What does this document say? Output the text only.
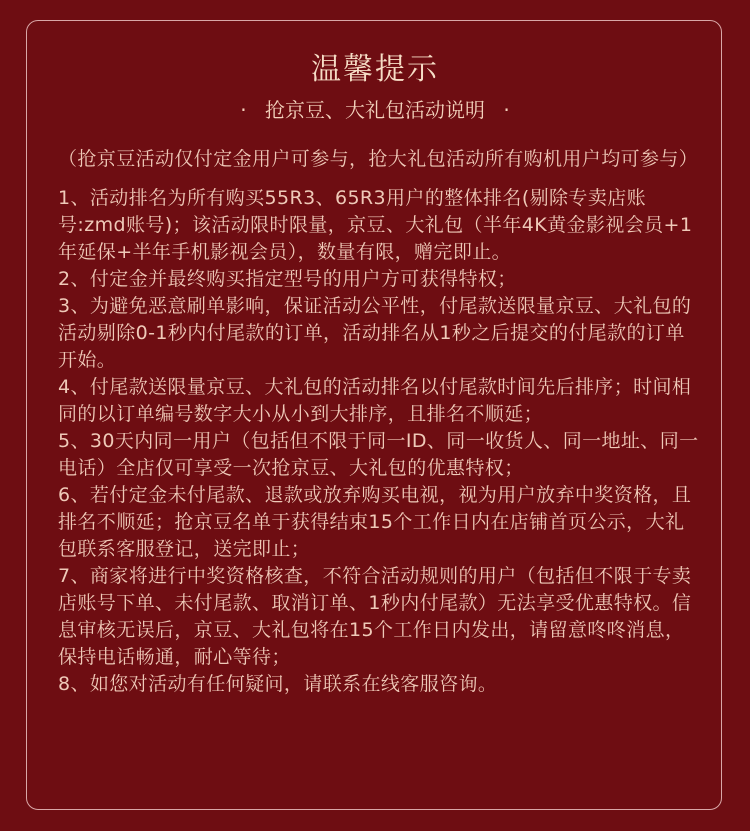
温馨提示
· 抢京豆、大礼包活动说明 ·

（抢京豆活动仅付定金用户可参与，抢大礼包活动所有购机用户均可参与）

1、活动排名为所有购买55R3、65R3用户的整体排名(剔除专卖店账号:zmd账号)；该活动限时限量，京豆、大礼包（半年4K黄金影视会员+1年延保+半年手机影视会员），数量有限，赠完即止。

2、付定金并最终购买指定型号的用户方可获得特权；

3、为避免恶意刷单影响，保证活动公平性，付尾款送限量京豆、大礼包的活动剔除0-1秒内付尾款的订单，活动排名从1秒之后提交的付尾款的订单开始。

4、付尾款送限量京豆、大礼包的活动排名以付尾款时间先后排序；时间相同的以订单编号数字大小从小到大排序，且排名不顺延；

5、30天内同一用户（包括但不限于同一ID、同一收货人、同一地址、同一电话）全店仅可享受一次抢京豆、大礼包的优惠特权；

6、若付定金未付尾款、退款或放弃购买电视，视为用户放弃中奖资格，且排名不顺延；抢京豆名单于获得结束15个工作日内在店铺首页公示，大礼包联系客服登记，送完即止；

7、商家将进行中奖资格核查，不符合活动规则的用户（包括但不限于专卖店账号下单、未付尾款、取消订单、1秒内付尾款）无法享受优惠特权。信息审核无误后，京豆、大礼包将在15个工作日内发出，请留意咚咚消息，保持电话畅通，耐心等待；

8、如您对活动有任何疑问，请联系在线客服咨询。
